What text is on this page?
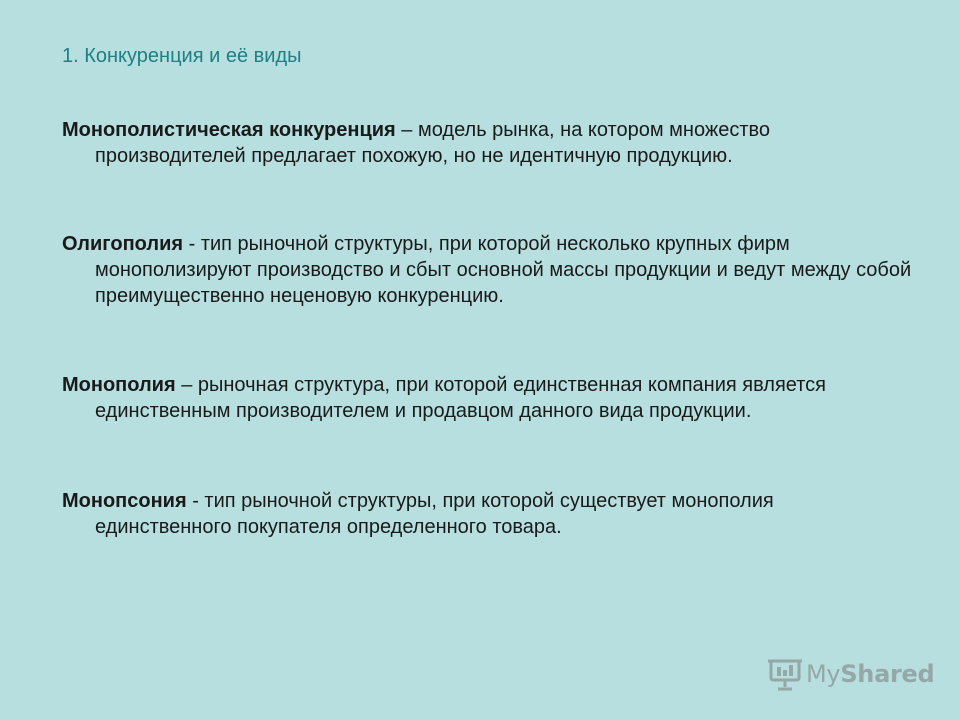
1. Конкуренция и её виды
Монополистическая конкуренция – модель рынка, на котором множество производителей предлагает похожую, но не идентичную продукцию.
Олигополия - тип рыночной структуры, при которой несколько крупных фирм монополизируют производство и сбыт основной массы продукции и ведут между собой преимущественно неценовую конкуренцию.
Монополия – рыночная структура, при которой единственная компания является единственным производителем и продавцом данного вида продукции.
Монопсония - тип рыночной структуры, при которой существует монополия единственного покупателя определенного товара.
MyShared
